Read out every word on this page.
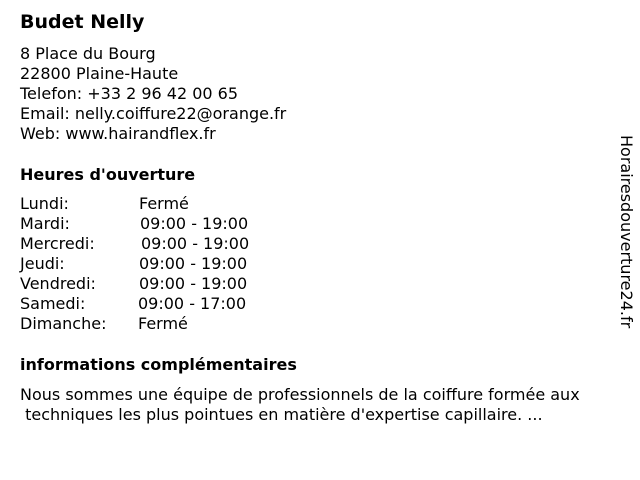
Budet Nelly
8 Place du Bourg
22800 Plaine-Haute
Telefon: +33 2 96 42 00 65
Email: nelly.coiffure22@orange.fr
Web: www.hairandflex.fr
Heures d'ouverture
Lundi:	Fermé
Mardi:	09:00 - 19:00
Mercredi:	09:00 - 19:00
Jeudi:	09:00 - 19:00
Vendredi:	09:00 - 19:00
Samedi:	09:00 - 17:00
Dimanche: Fermé
informations complémentaires
Nous sommes une équipe de professionnels de la coiffure formée aux
techniques les plus pointues en matière d'expertise capillaire. ...
Horairesdouverture24.fr
